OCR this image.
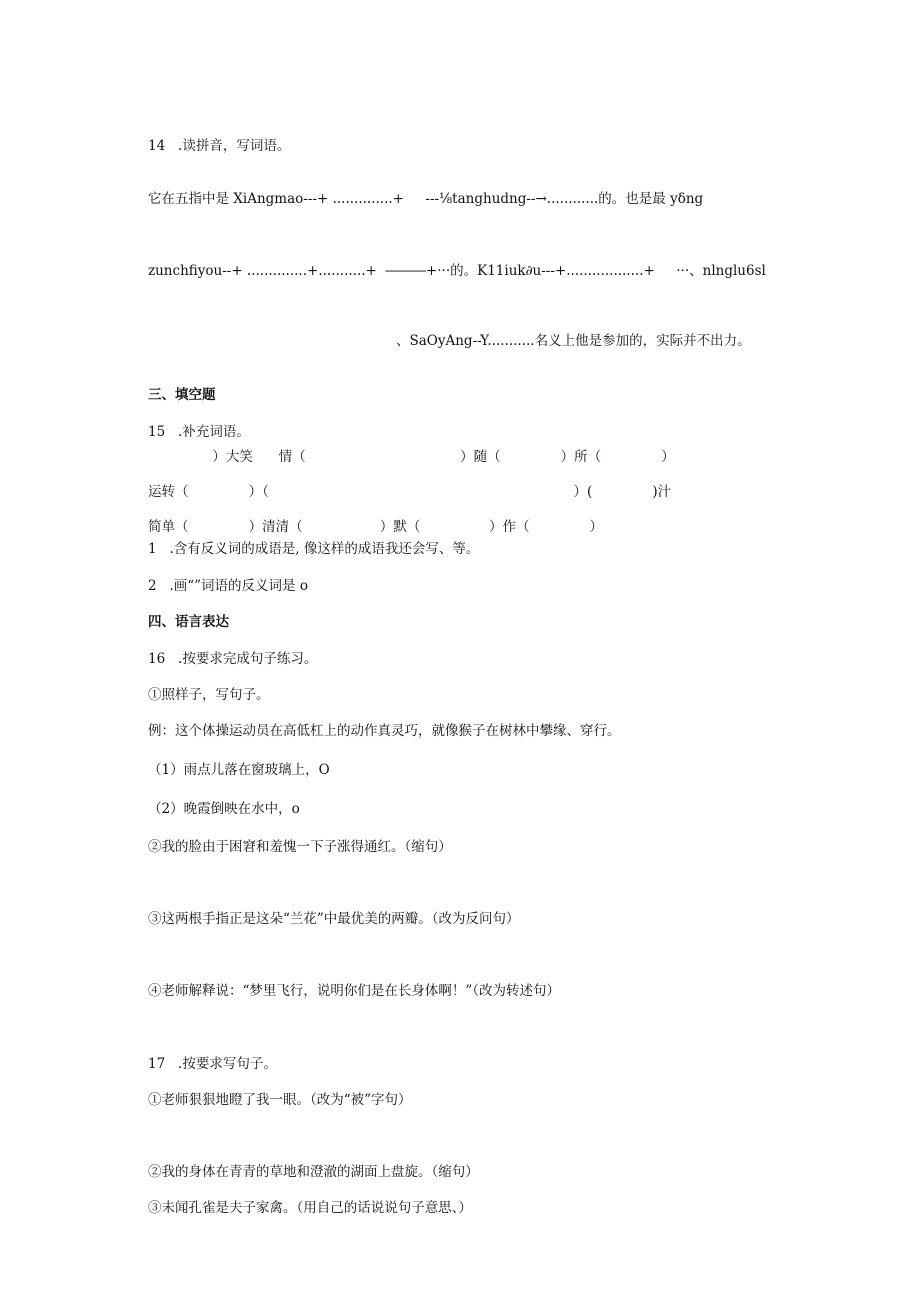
14   .读拼音，写词语。
它在五指中是 XiAngmao---+ ..............+     ---⅛tanghudng--→............的。也是最 yδng
zunchfiyou--+ ..............+...........+  ―――+···的。K11iuk∂u---+..................+     ···、nlnglu6sl
、SaOyAng--Y...........名义上他是参加的，实际并不出力。
三、填空题
15   .补充词语。
）大笑      情（                                    ）随（              ）所（              ）
运转（              ）（                                                                       ）(              )汁
简单（              ）清清（                  ）默（                ）作（              ）
1   .含有反义词的成语是, 像这样的成语我还会写、等。
2   .画“”词语的反义词是 o
四、语言表达
16   .按要求完成句子练习。
①照样子，写句子。
例：这个体操运动员在高低杠上的动作真灵巧，就像猴子在树林中攀缘、穿行。
（1）雨点儿落在窗玻璃上，O
（2）晚霞倒映在水中，o
②我的脸由于困窘和羞愧一下子涨得通红。（缩句）
③这两根手指正是这朵“兰花”中最优美的两瓣。（改为反问句）
④老师解释说：“梦里飞行，说明你们是在长身体啊！”（改为转述句）
17   .按要求写句子。
①老师狠狠地瞪了我一眼。（改为“被”字句）
②我的身体在青青的草地和澄澈的湖面上盘旋。（缩句）
③未闻孔雀是夫子家禽。（用自己的话说说句子意思、）
